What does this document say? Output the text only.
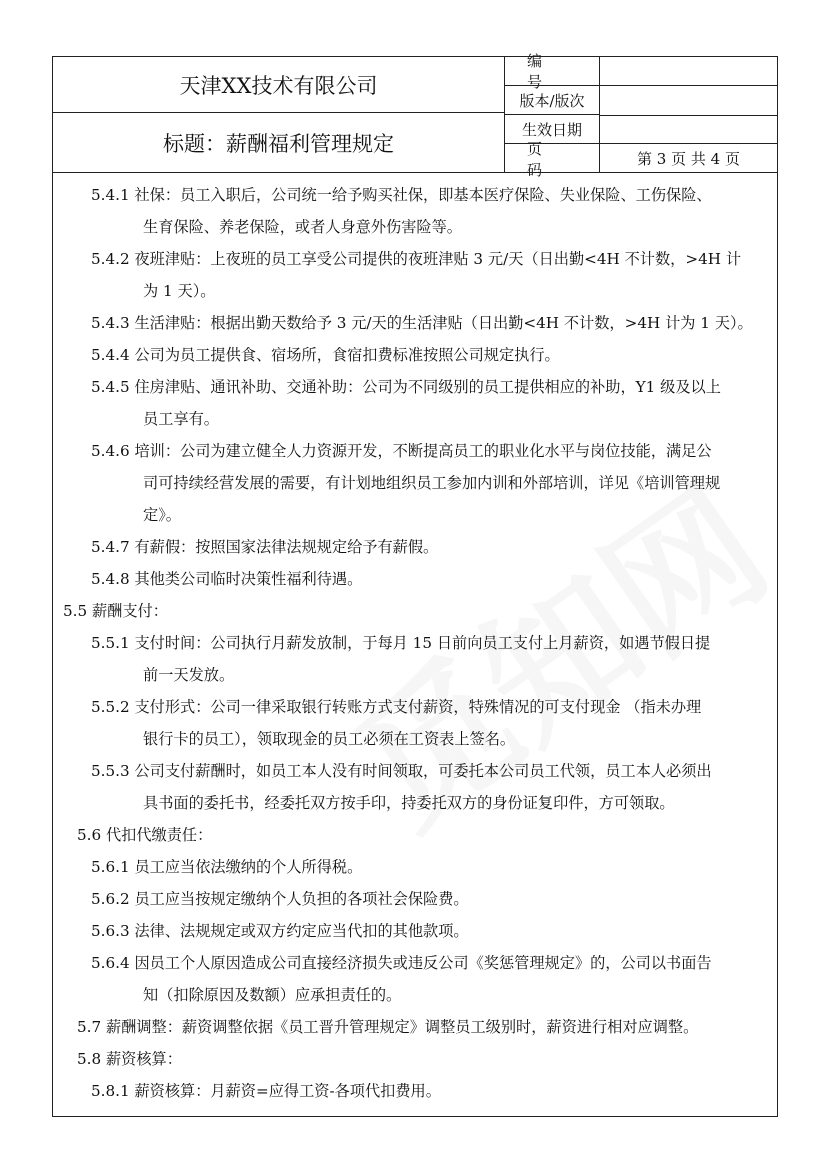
天津XX技术有限公司
标题：薪酬福利管理规定
编 号
版本/版次
生效日期
页 码
第 3 页 共 4 页
5.4.1 社保：员工入职后，公司统一给予购买社保，即基本医疗保险、失业保险、工伤保险、
生育保险、养老保险，或者人身意外伤害险等。
5.4.2 夜班津贴：上夜班的员工享受公司提供的夜班津贴 3 元/天（日出勤<4H 不计数，>4H 计
为 1 天）。
5.4.3 生活津贴：根据出勤天数给予 3 元/天的生活津贴（日出勤<4H 不计数，>4H 计为 1 天）。
5.4.4 公司为员工提供食、宿场所，食宿扣费标准按照公司规定执行。
5.4.5 住房津贴、通讯补助、交通补助：公司为不同级别的员工提供相应的补助，Y1 级及以上
员工享有。
5.4.6 培训：公司为建立健全人力资源开发，不断提高员工的职业化水平与岗位技能，满足公
司可持续经营发展的需要，有计划地组织员工参加内训和外部培训，详见《培训管理规
定》。
5.4.7 有薪假：按照国家法律法规规定给予有薪假。
5.4.8 其他类公司临时决策性福利待遇。
5.5 薪酬支付：
5.5.1 支付时间：公司执行月薪发放制，于每月 15 日前向员工支付上月薪资，如遇节假日提
前一天发放。
5.5.2 支付形式：公司一律采取银行转账方式支付薪资，特殊情况的可支付现金 （指未办理
银行卡的员工），领取现金的员工必须在工资表上签名。
5.5.3 公司支付薪酬时，如员工本人没有时间领取，可委托本公司员工代领，员工本人必须出
具书面的委托书，经委托双方按手印，持委托双方的身份证复印件，方可领取。
5.6 代扣代缴责任：
5.6.1 员工应当依法缴纳的个人所得税。
5.6.2 员工应当按规定缴纳个人负担的各项社会保险费。
5.6.3 法律、法规规定或双方约定应当代扣的其他款项。
5.6.4 因员工个人原因造成公司直接经济损失或违反公司《奖惩管理规定》的，公司以书面告
知（扣除原因及数额）应承担责任的。
5.7 薪酬调整：薪资调整依据《员工晋升管理规定》调整员工级别时，薪资进行相对应调整。
5.8 薪资核算：
5.8.1 薪资核算：月薪资=应得工资-各项代扣费用。
